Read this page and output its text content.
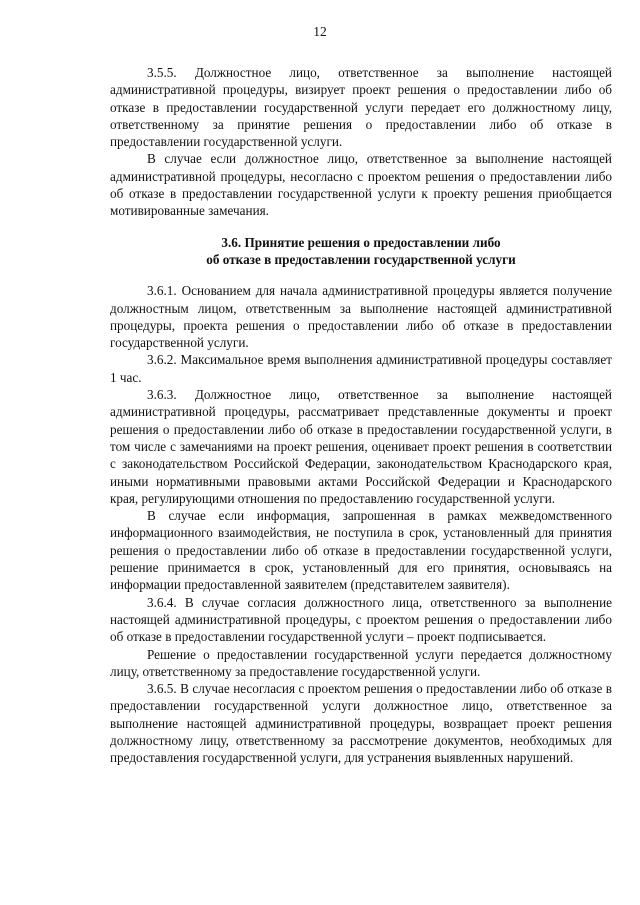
12

3.5.5. Должностное лицо, ответственное за выполнение настоящей административной процедуры, визирует проект решения о предоставлении либо об отказе в предоставлении государственной услуги передает его должностному лицу, ответственному за принятие решения о предоставлении либо об отказе в предоставлении государственной услуги.

В случае если должностное лицо, ответственное за выполнение настоящей административной процедуры, несогласно с проектом решения о предоставлении либо об отказе в предоставлении государственной услуги к проекту решения приобщается мотивированные замечания.

3.6. Принятие решения о предоставлении либо
об отказе в предоставлении государственной услуги

3.6.1. Основанием для начала административной процедуры является получение должностным лицом, ответственным за выполнение настоящей административной процедуры, проекта решения о предоставлении либо об отказе в предоставлении государственной услуги.

3.6.2. Максимальное время выполнения административной процедуры составляет 1 час.

3.6.3. Должностное лицо, ответственное за выполнение настоящей административной процедуры, рассматривает представленные документы и проект решения о предоставлении либо об отказе в предоставлении государственной услуги, в том числе с замечаниями на проект решения, оценивает проект решения в соответствии с законодательством Российской Федерации, законодательством Краснодарского края, иными нормативными правовыми актами Российской Федерации и Краснодарского края, регулирующими отношения по предоставлению государственной услуги.

В случае если информация, запрошенная в рамках межведомственного информационного взаимодействия, не поступила в срок, установленный для принятия решения о предоставлении либо об отказе в предоставлении государственной услуги, решение принимается в срок, установленный для его принятия, основываясь на информации предоставленной заявителем (представителем заявителя).

3.6.4. В случае согласия должностного лица, ответственного за выполнение настоящей административной процедуры, с проектом решения о предоставлении либо об отказе в предоставлении государственной услуги – проект подписывается.

Решение о предоставлении государственной услуги передается должностному лицу, ответственному за предоставление государственной услуги.

3.6.5. В случае несогласия с проектом решения о предоставлении либо об отказе в предоставлении государственной услуги должностное лицо, ответственное за выполнение настоящей административной процедуры, возвращает проект решения должностному лицу, ответственному за рассмотрение документов, необходимых для предоставления государственной услуги, для устранения выявленных нарушений.
